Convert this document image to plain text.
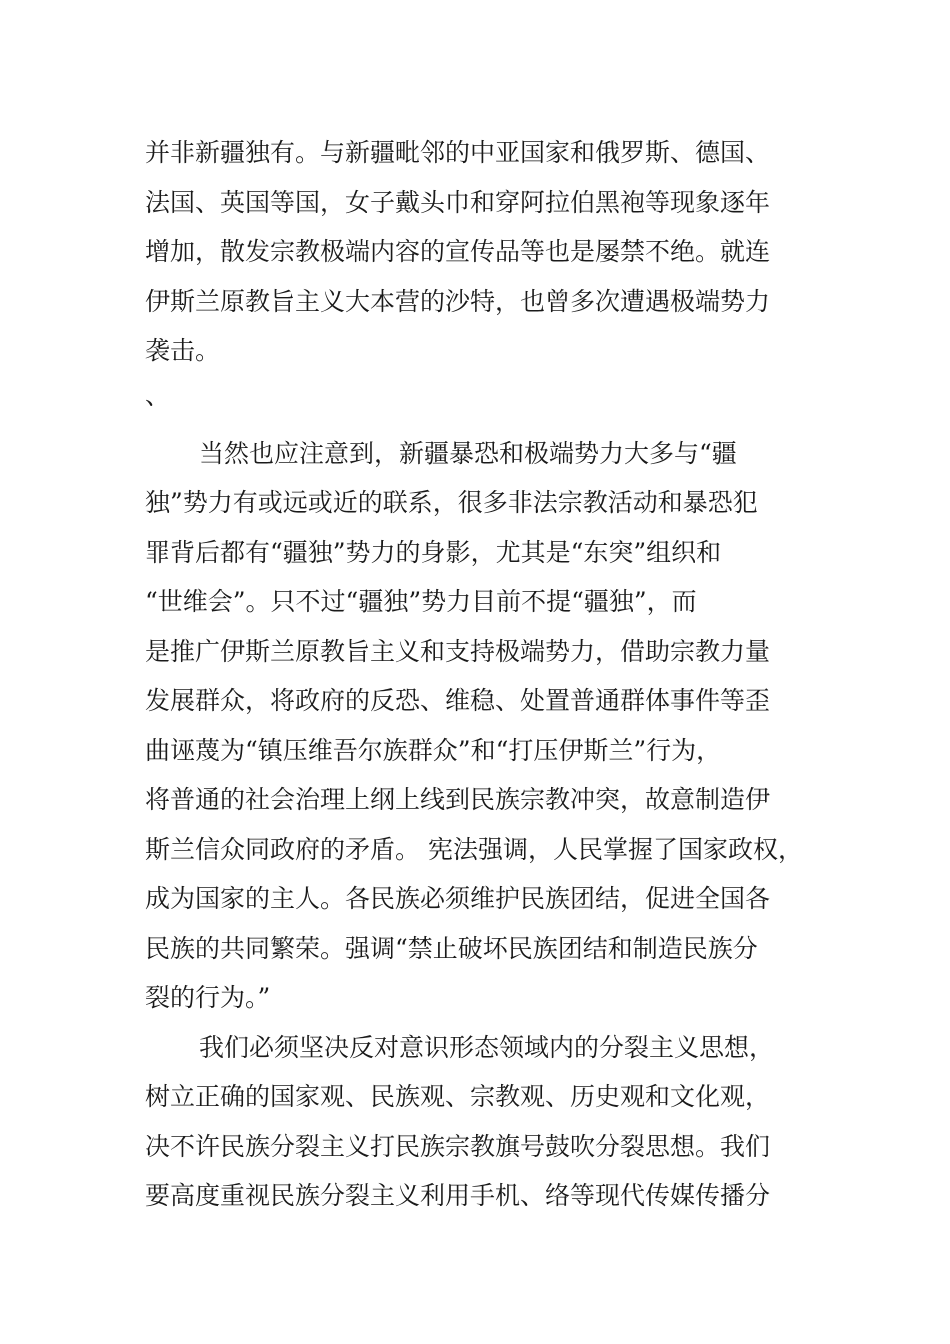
并非新疆独有。与新疆毗邻的中亚国家和俄罗斯、德国、
法国、英国等国，女子戴头巾和穿阿拉伯黑袍等现象逐年
增加，散发宗教极端内容的宣传品等也是屡禁不绝。就连
伊斯兰原教旨主义大本营的沙特，也曾多次遭遇极端势力
袭击。
、
当然也应注意到，新疆暴恐和极端势力大多与“疆
独”势力有或远或近的联系，很多非法宗教活动和暴恐犯
罪背后都有“疆独”势力的身影，尤其是“东突”组织和
“世维会”。只不过“疆独”势力目前不提“疆独”，而
是推广伊斯兰原教旨主义和支持极端势力，借助宗教力量
发展群众，将政府的反恐、维稳、处置普通群体事件等歪
曲诬蔑为“镇压维吾尔族群众”和“打压伊斯兰”行为，
将普通的社会治理上纲上线到民族宗教冲突，故意制造伊
斯兰信众同政府的矛盾。 宪法强调，人民掌握了国家政权，
成为国家的主人。各民族必须维护民族团结，促进全国各
民族的共同繁荣。强调“禁止破坏民族团结和制造民族分
裂的行为。”
我们必须坚决反对意识形态领域内的分裂主义思想，
树立正确的国家观、民族观、宗教观、历史观和文化观，
决不许民族分裂主义打民族宗教旗号鼓吹分裂思想。我们
要高度重视民族分裂主义利用手机、络等现代传媒传播分
